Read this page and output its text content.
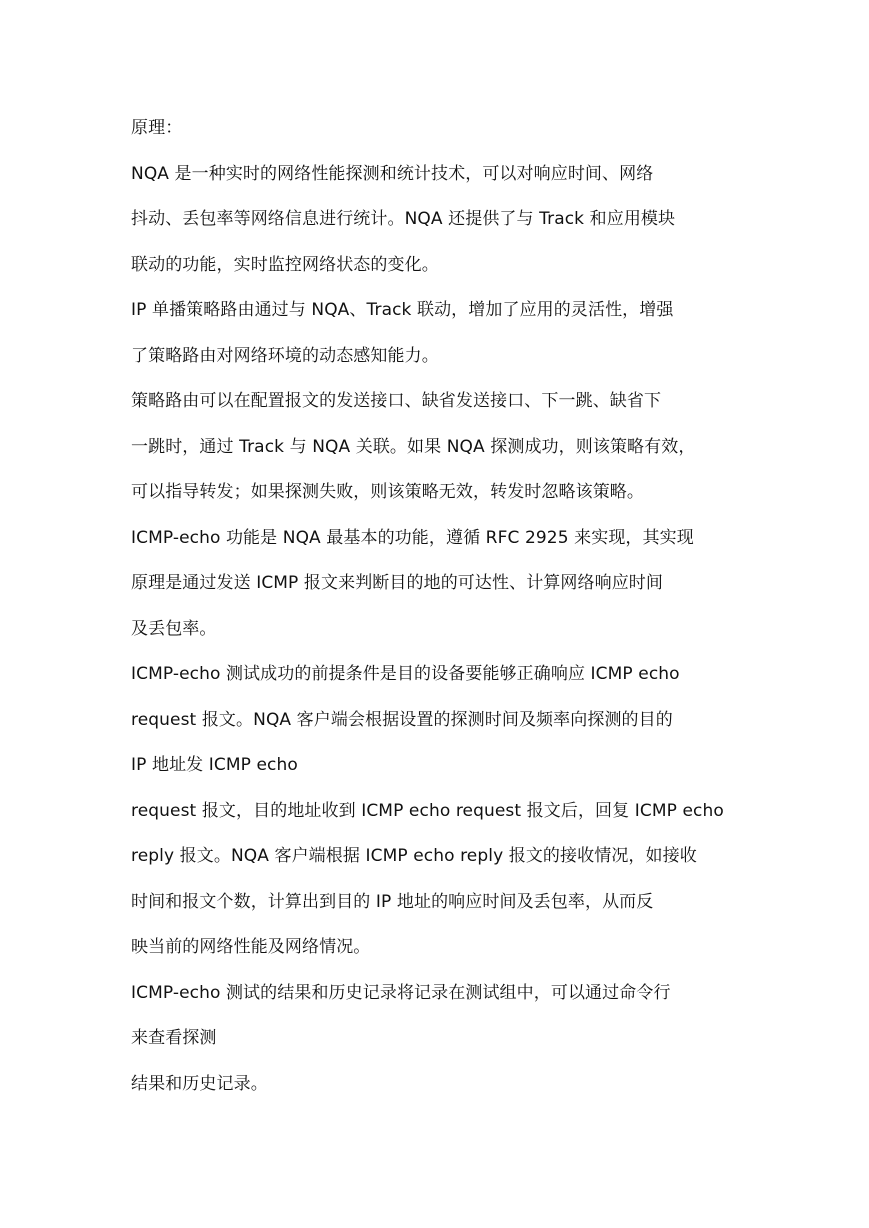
原理：

NQA 是一种实时的网络性能探测和统计技术，可以对响应时间、网络

抖动、丢包率等网络信息进行统计。NQA 还提供了与 Track 和应用模块

联动的功能，实时监控网络状态的变化。

IP 单播策略路由通过与 NQA、Track 联动，增加了应用的灵活性，增强

了策略路由对网络环境的动态感知能力。

策略路由可以在配置报文的发送接口、缺省发送接口、下一跳、缺省下

一跳时，通过 Track 与 NQA 关联。如果 NQA 探测成功，则该策略有效，

可以指导转发；如果探测失败，则该策略无效，转发时忽略该策略。

ICMP-echo 功能是 NQA 最基本的功能，遵循 RFC 2925 来实现，其实现

原理是通过发送 ICMP 报文来判断目的地的可达性、计算网络响应时间

及丢包率。

ICMP-echo 测试成功的前提条件是目的设备要能够正确响应 ICMP echo

request 报文。NQA 客户端会根据设置的探测时间及频率向探测的目的

IP 地址发 ICMP echo

request 报文，目的地址收到 ICMP echo request 报文后，回复 ICMP echo

reply 报文。NQA 客户端根据 ICMP echo reply 报文的接收情况，如接收

时间和报文个数，计算出到目的 IP 地址的响应时间及丢包率，从而反

映当前的网络性能及网络情况。

ICMP-echo 测试的结果和历史记录将记录在测试组中，可以通过命令行

来查看探测

结果和历史记录。
